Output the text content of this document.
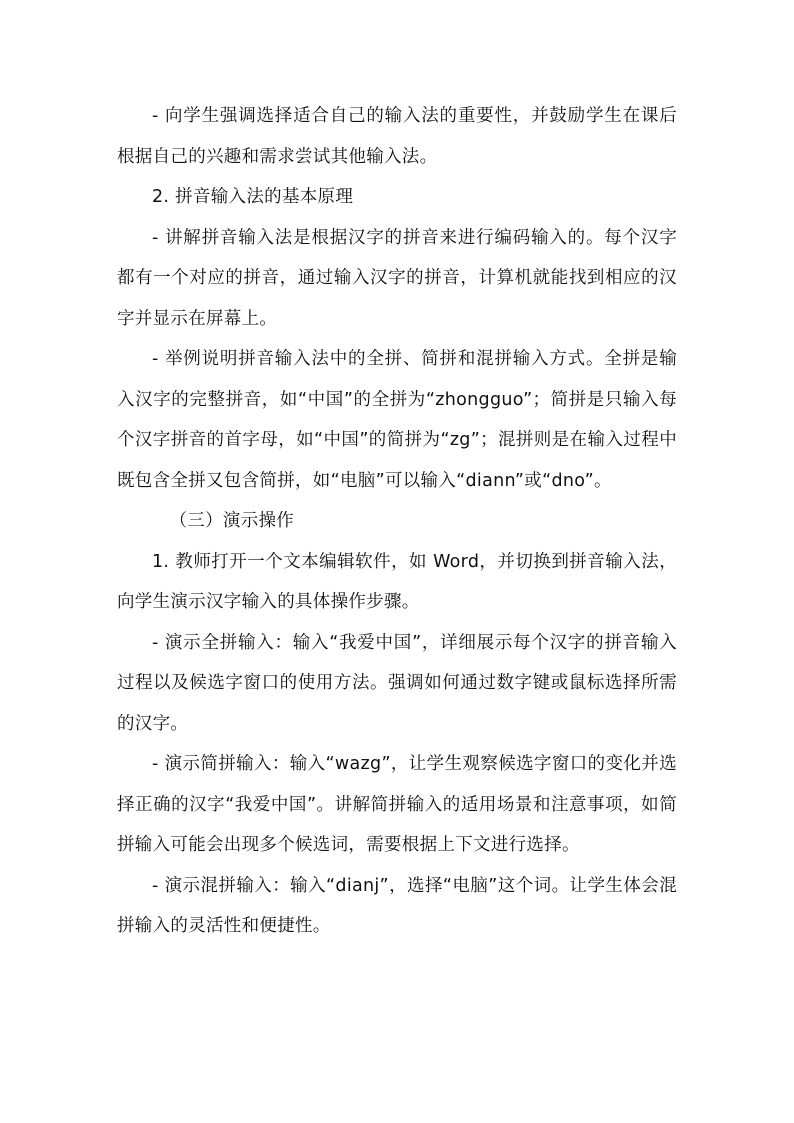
- 向学生强调选择适合自己的输入法的重要性，并鼓励学生在课后根据自己的兴趣和需求尝试其他输入法。

2. 拼音输入法的基本原理

- 讲解拼音输入法是根据汉字的拼音来进行编码输入的。每个汉字都有一个对应的拼音，通过输入汉字的拼音，计算机就能找到相应的汉字并显示在屏幕上。

- 举例说明拼音输入法中的全拼、简拼和混拼输入方式。全拼是输入汉字的完整拼音，如“中国”的全拼为“zhongguo”；简拼是只输入每个汉字拼音的首字母，如“中国”的简拼为“zg”；混拼则是在输入过程中既包含全拼又包含简拼，如“电脑”可以输入“diann”或“dno”。

（三）演示操作

1. 教师打开一个文本编辑软件，如 Word，并切换到拼音输入法，向学生演示汉字输入的具体操作步骤。

- 演示全拼输入：输入“我爱中国”，详细展示每个汉字的拼音输入过程以及候选字窗口的使用方法。强调如何通过数字键或鼠标选择所需的汉字。

- 演示简拼输入：输入“wazg”，让学生观察候选字窗口的变化并选择正确的汉字“我爱中国”。讲解简拼输入的适用场景和注意事项，如简拼输入可能会出现多个候选词，需要根据上下文进行选择。

- 演示混拼输入：输入“dianj”，选择“电脑”这个词。让学生体会混拼输入的灵活性和便捷性。
